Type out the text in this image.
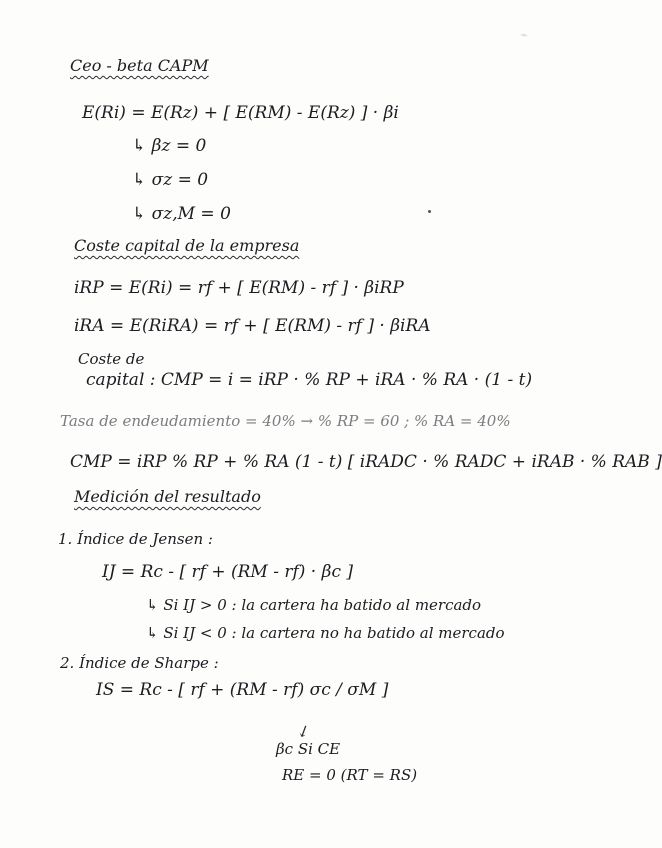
⌁
Ceo - beta CAPM
E(Ri) = E(Rz) + [ E(RM) - E(Rz) ] · βi
↳ βz = 0
↳ σz = 0
↳ σz,M = 0
Coste capital de la empresa
iRP = E(Ri) = rf + [ E(RM) - rf ] · βiRP
iRA = E(RiRA) = rf + [ E(RM) - rf ] · βiRA
Coste de
capital : CMP = i = iRP · % RP + iRA · % RA · (1 - t)
Tasa de endeudamiento = 40% → % RP = 60 ; % RA = 40%
CMP = iRP % RP + % RA (1 - t) [ iRADC · % RADC + iRAB · % RAB ]
Medición del resultado
1. Índice de Jensen :
IJ = Rc - [ rf + (RM - rf) · βc ]
↳ Si IJ > 0 : la cartera ha batido al mercado
↳ Si IJ < 0 : la cartera no ha batido al mercado
2. Índice de Sharpe :
IS = Rc - [ rf + (RM - rf) σc / σM ]
↓
βc Si CE
RE = 0 (RT = RS)
